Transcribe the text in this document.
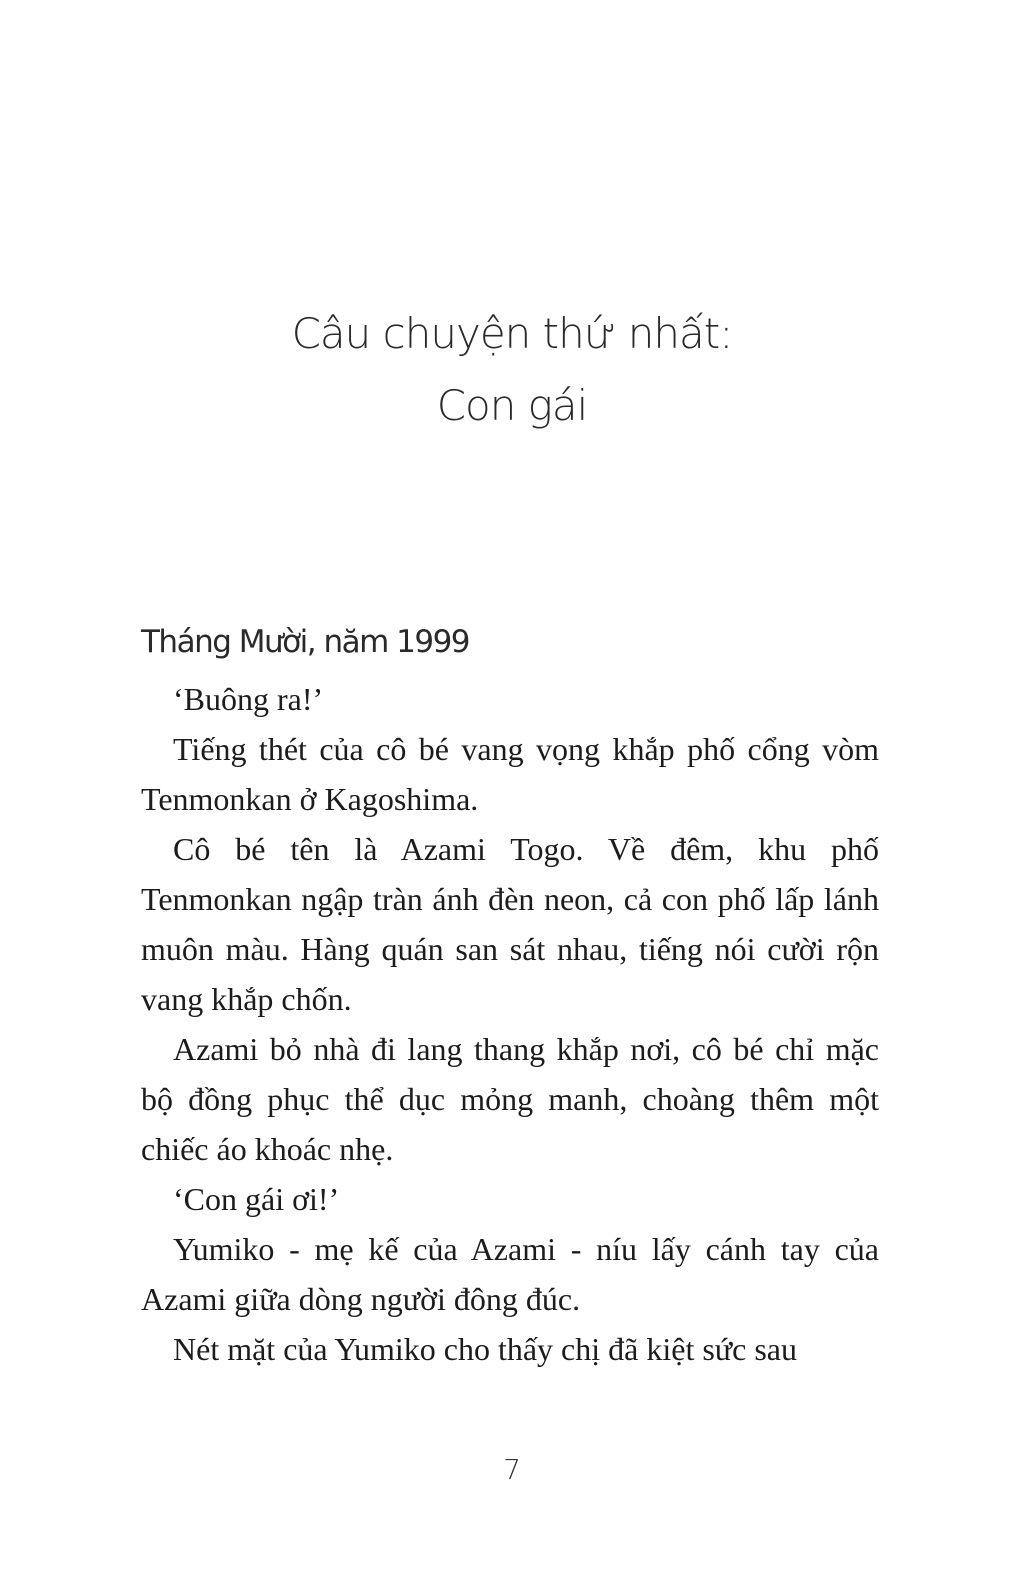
Câu chuyện thứ nhất:
Con gái
Tháng Mười, năm 1999

‘Buông ra!’

Tiếng thét của cô bé vang vọng khắp phố cổng vòm Tenmonkan ở Kagoshima.

Cô bé tên là Azami Togo. Về đêm, khu phố Tenmonkan ngập tràn ánh đèn neon, cả con phố lấp lánh muôn màu. Hàng quán san sát nhau, tiếng nói cười rộn vang khắp chốn.

Azami bỏ nhà đi lang thang khắp nơi, cô bé chỉ mặc bộ đồng phục thể dục mỏng manh, choàng thêm một chiếc áo khoác nhẹ.

‘Con gái ơi!’

Yumiko - mẹ kế của Azami - níu lấy cánh tay của Azami giữa dòng người đông đúc.

Nét mặt của Yumiko cho thấy chị đã kiệt sức sau

7
